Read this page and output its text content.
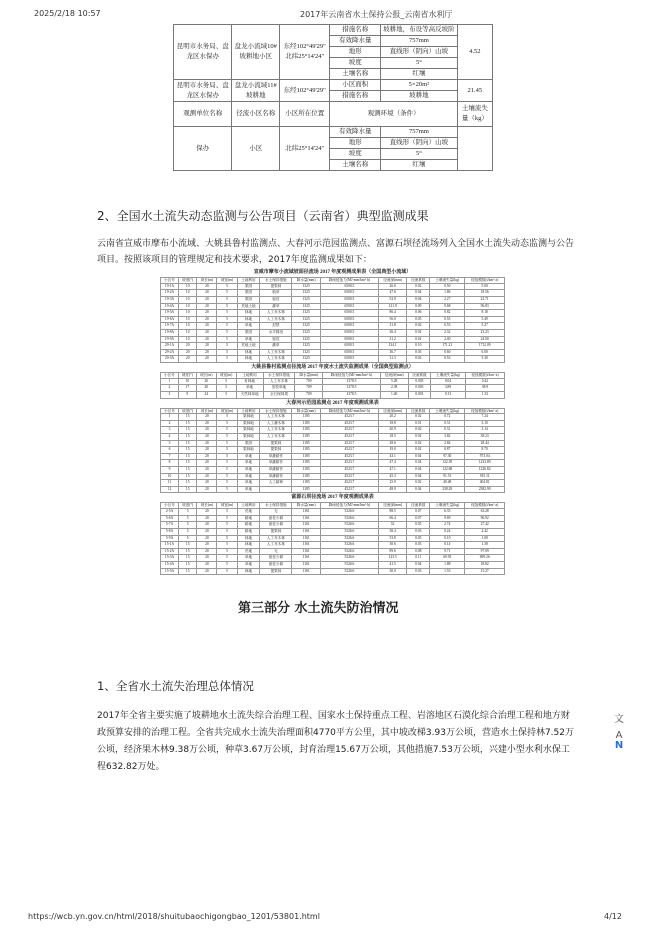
2025/2/18 10:57	2017年云南省水土保持公报_云南省水利厅
https://wcb.yn.gov.cn/html/2018/shuitubaochigongbao_1201/53801.html	4/12
昆明市水务局、盘龙区水保办	盘龙小流域10#坡耕地小区	东经102°49'29" 北纬25°14'24"	措施名称	坡耕地，布设等高反坡阶	4.52
			有效降水量	757mm	
			地形	直线形（阴向）山坡	
			坡度	5°	
			土壤名称	红壤	
昆明市水务局、盘龙区水保办	盘龙小流域11#坡耕地	东经102°49'29"	小区面积	5×20m²	21.45
			措施名称	坡耕地	
观测单位名称	径流小区名称	小区所在位置	观测环境（条件）		土壤流失量（kg）
保办	小区	北纬25°14'24"	有效降水量	757mm	
			地形	直线形（阴向）山坡	
			坡度	5°	
			土壤名称	红壤	
2、全国水土流失动态监测与公告项目（云南省）典型监测成果
云南省宣威市摩布小流域、大姚县鲁村监测点、大春河示范园监测点、富源石坝径流场列入全国水土流失动态监测与公告项目。按照该项目的管理规定和技术要求，2017年度监测成果如下：
宣威市摩布小流域坡面径流场 2017 年度观测成果表（全国典型小流域）
小区号	坡度(°)	坡长(m)	坡宽(m)	土地利用	水土保持措施	降水量(mm)	降雨侵蚀力(MJ·mm/hm²·h)	径流深(mm)	径流系数	土壤流失量(kg)	侵蚀模数(t/km²·a)
19-1A	10	20	5	果园	提果林	1325	6500.5	26.0	0.02	0.50	5.00
19-2A	10	20	5	果园	植草	1325	6500.5	47.6	0.04	1.86	18.56
19-3A	10	20	5	果园	留茬	1325	6500.5	52.9	0.04	2.27	22.71
19-4A	10	20	5	荒地土地	灌草	1325	6500.5	121.9	0.09	9.68	96.83
19-5A	10	20	5	林地	人工乔木林	1325	6500.5	86.4	0.06	0.82	8.18
19-6A	10	20	5	林地	人工乔木林	1325	6500.5	56.0	0.05	0.55	5.49
19-7A	10	20	5	草地	封禁	1325	6500.5	31.8	0.02	0.53	5.27
19-8A	10	20	5	果园	水平梯田	1325	6500.5	36.4	0.02	2.32	23.23
19-9A	10	20	5	草地	留茬	1325	6500.5	31.2	0.02	2.40	24.00
29-1A	20	20	5	荒地土地	灌草	1325	6500.5	134.1	0.10	171.21	1712.09
29-2A	20	20	5	林地	人工乔木林	1325	6500.5	36.7	0.03	0.60	6.00
29-3A	20	20	5	林地	人工乔木林	1325	6500.5	31.3	0.02	0.53	5.30
大姚县鲁村监测点径流场 2017 年度水土流失监测成果（全国典型监测点）
小区号	坡度(°)	坡长(m)	坡宽(m)	土地利用	水土保持措施	降水量(mm)	降雨侵蚀力(MJ·mm/hm²·h)	径流深(mm)	径流系数	土壤流失量(kg)	侵蚀模数(t/km²·a)
1	10	20	5	有林地	人工乔木林	709	1378.5	5.28	0.003	0.04	0.42
2	17	20	5	草地	放牧草地	709	1378.5	2.38	0.003	3.89	38.9
3	9	24	5	天然林草地	全石保林果	709	1378.5	1.40	0.001	0.13	1.33
大春河示范园监测点 2017 年度观测成果表
小区号	坡度(°)	坡长(m)	坡宽(m)	土地利用	水土保持措施	降水量(mm)	降雨侵蚀力(MJ·mm/hm²·h)	径流深(mm)	径流系数	土壤流失量(kg)	侵蚀模数(t/km²·a)
1	15	20	5	果林地	人工乔木林	1185	4523.7	20.2	0.02	0.72	7.24
2	15	20	5	果林地	人工灌木林	1185	4523.7	18.8	0.01	0.31	3.10
3	15	20	5	果林地	人工乔木林	1185	4523.7	20.9	0.02	0.31	3.14
4	15	20	5	果林地	人工乔木林	1185	4523.7	18.5	0.02	3.82	38.23
5	15	20	5	果园	提果林	1185	4523.7	28.6	0.02	2.84	28.44
6	15	20	5	果林地	提果林	1185	4523.7	19.0	0.02	0.87	8.70
7	15	20	5	草地	草灌耕作	1185	4523.7	43.1	0.04	97.30	973.04
8	15	20	5	草地	草灌耕作	1185	4523.7	47.4	0.04	122.39	1223.89
9	15	20	5	草地	草灌耕作	1185	4523.7	47.1	0.04	122.68	1226.82
10	15	20	5	草地	草灌耕作	1185	4523.7	45.3	0.04	91.51	915.11
11	15	20	5	草地	人工耕种	1185	4523.7	25.9	0.02	40.48	404.81
12	15	20	5	草地		1185	4523.7	48.9	0.04	238.29	2382.90
富源石坝径流场 2017 年度观测成果表
小区号	坡度(°)	坡长(m)	坡宽(m)	土地利用	水土保持措施	降水量(mm)	降雨侵蚀力(MJ·mm/hm²·h)	径流深(mm)	径流系数	土壤流失量(kg)	侵蚀模数(t/km²·a)
2-5A	5	20	5	荒地	无	1161	5326.6	88.5	0.07	6.33	63.28
5-6A	5	20	5	耕地	留茬少耕	1161	5326.6	66.4	0.07	9.69	96.92
5-7A	5	20	5	耕地	留茬少耕	1161	5326.6	52	0.05	2.74	27.42
5-8A	5	20	5	耕地	提果林	1161	5326.6	38.4	0.03	0.24	2.42
5-9A	5	20	5	林地	人工乔木林	1161	5326.6	53.8	0.05	0.10	1.00
15-1A	15	20	5	林地	人工乔木林	1161	5326.6	30.6	0.03	0.14	1.38
15-2A	15	20	5	荒地	无	1161	5326.6	89.6	0.08	9.71	97.09
15-3A	15	20	5	草地	留茬少耕	1161	5326.6	123.5	0.11	69.93	699.26
15-4A	15	20	5	草地	留茬少耕	1161	5326.6	41.5	0.04	1.88	18.82
15-5A	15	20	5	林地	提果林	1161	5326.6	30.0	0.03	1.53	15.27
第三部分 水土流失防治情况
1、全省水土流失治理总体情况
2017年全省主要实施了坡耕地水土流失综合治理工程、国家水土保持重点工程、岩溶地区石漠化综合治理工程和地方财政预算安排的治理工程。全省共完成水土流失治理面积4770平方公里，其中坡改梯3.93万公顷，营造水土保持林7.52万公顷，经济果木林9.38万公顷，种草3.67万公顷，封育治理15.67万公顷，其他措施7.53万公顷，兴建小型水利水保工程632.82万处。
文A
N
